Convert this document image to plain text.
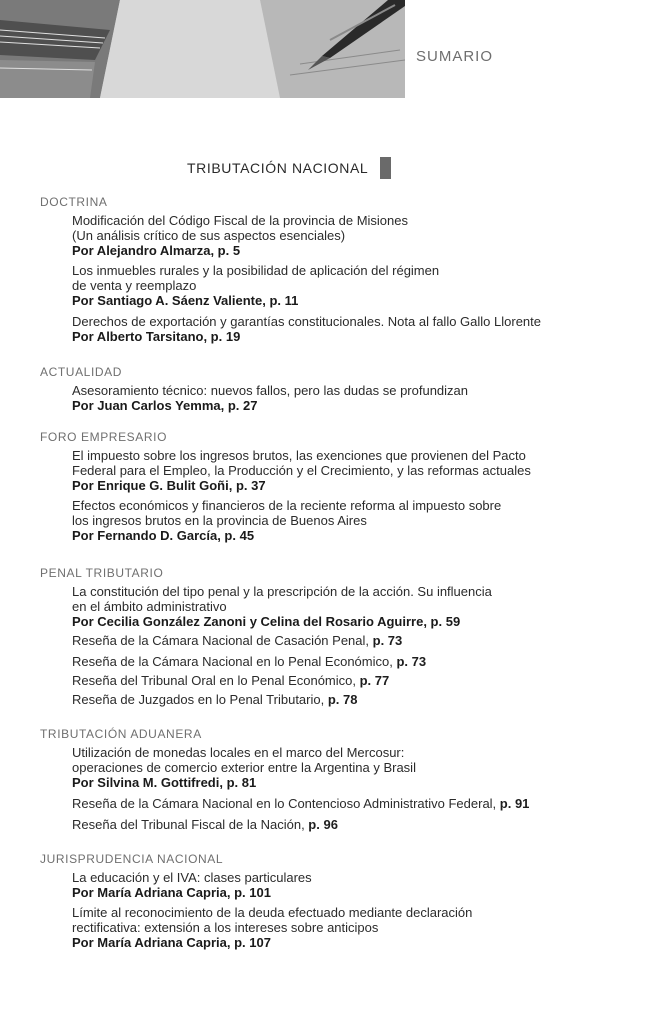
SUMARIO
TRIBUTACIÓN NACIONAL
DOCTRINA
Modificación del Código Fiscal de la provincia de Misiones
(Un análisis crítico de sus aspectos esenciales)
Por Alejandro Almarza, p. 5
Los inmuebles rurales y la posibilidad de aplicación del régimen
de venta y reemplazo
Por Santiago A. Sáenz Valiente, p. 11
Derechos de exportación y garantías constitucionales. Nota al fallo Gallo Llorente
Por Alberto Tarsitano, p. 19
ACTUALIDAD
Asesoramiento técnico: nuevos fallos, pero las dudas se profundizan
Por Juan Carlos Yemma, p. 27
FORO EMPRESARIO
El impuesto sobre los ingresos brutos, las exenciones que provienen del Pacto
Federal para el Empleo, la Producción y el Crecimiento, y las reformas actuales
Por Enrique G. Bulit Goñi, p. 37
Efectos económicos y financieros de la reciente reforma al impuesto sobre
los ingresos brutos en la provincia de Buenos Aires
Por Fernando D. García, p. 45
PENAL TRIBUTARIO
La constitución del tipo penal y la prescripción de la acción. Su influencia
en el ámbito administrativo
Por Cecilia González Zanoni y Celina del Rosario Aguirre, p. 59
Reseña de la Cámara Nacional de Casación Penal, p. 73
Reseña de la Cámara Nacional en lo Penal Económico, p. 73
Reseña del Tribunal Oral en lo Penal Económico, p. 77
Reseña de Juzgados en lo Penal Tributario, p. 78
TRIBUTACIÓN ADUANERA
Utilización de monedas locales en el marco del Mercosur:
operaciones de comercio exterior entre la Argentina y Brasil
Por Silvina M. Gottifredi, p. 81
Reseña de la Cámara Nacional en lo Contencioso Administrativo Federal, p. 91
Reseña del Tribunal Fiscal de la Nación, p. 96
JURISPRUDENCIA NACIONAL
La educación y el IVA: clases particulares
Por María Adriana Capria, p. 101
Límite al reconocimiento de la deuda efectuado mediante declaración
rectificativa: extensión a los intereses sobre anticipos
Por María Adriana Capria, p. 107
